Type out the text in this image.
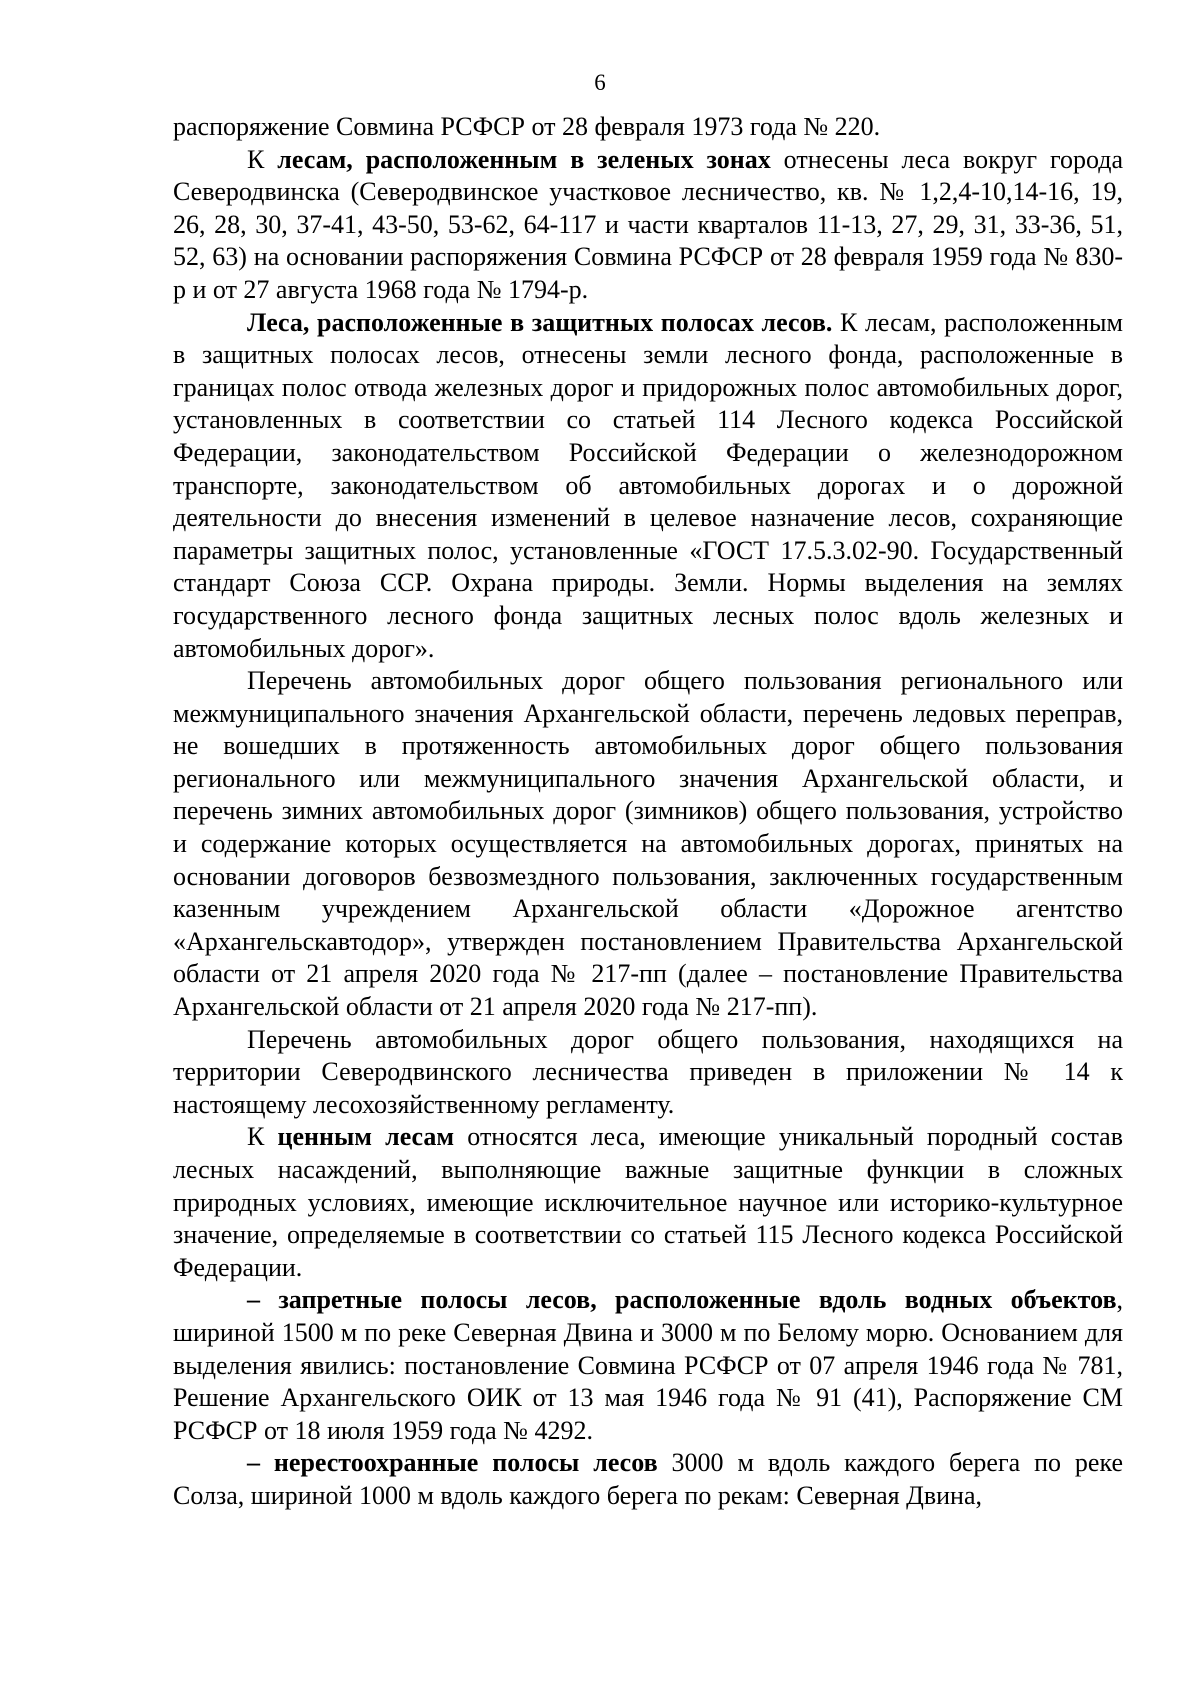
6

распоряжение Совмина РСФСР от 28 февраля 1973 года № 220.

К лесам, расположенным в зеленых зонах отнесены леса вокруг города Северодвинска (Северодвинское участковое лесничество, кв. № 1,2,4-10,14-16, 19, 26, 28, 30, 37-41, 43-50, 53-62, 64-117 и части кварталов 11-13, 27, 29, 31, 33-36, 51, 52, 63) на основании распоряжения Совмина РСФСР от 28 февраля 1959 года № 830-р и от 27 августа 1968 года № 1794-р.

Леса, расположенные в защитных полосах лесов. К лесам, расположенным в защитных полосах лесов, отнесены земли лесного фонда, расположенные в границах полос отвода железных дорог и придорожных полос автомобильных дорог, установленных в соответствии со статьей 114 Лесного кодекса Российской Федерации, законодательством Российской Федерации о железнодорожном транспорте, законодательством об автомобильных дорогах и о дорожной деятельности до внесения изменений в целевое назначение лесов, сохраняющие параметры защитных полос, установленные «ГОСТ 17.5.3.02-90. Государственный стандарт Союза ССР. Охрана природы. Земли. Нормы выделения на землях государственного лесного фонда защитных лесных полос вдоль железных и автомобильных дорог».

Перечень автомобильных дорог общего пользования регионального или межмуниципального значения Архангельской области, перечень ледовых переправ, не вошедших в протяженность автомобильных дорог общего пользования регионального или межмуниципального значения Архангельской области, и перечень зимних автомобильных дорог (зимников) общего пользования, устройство и содержание которых осуществляется на автомобильных дорогах, принятых на основании договоров безвозмездного пользования, заключенных государственным казенным учреждением Архангельской области «Дорожное агентство «Архангельскавтодор», утвержден постановлением Правительства Архангельской области от 21 апреля 2020 года № 217-пп (далее – постановление Правительства Архангельской области от 21 апреля 2020 года № 217-пп).

Перечень автомобильных дорог общего пользования, находящихся на территории Северодвинского лесничества приведен в приложении № 14 к настоящему лесохозяйственному регламенту.

К ценным лесам относятся леса, имеющие уникальный породный состав лесных насаждений, выполняющие важные защитные функции в сложных природных условиях, имеющие исключительное научное или историко-культурное значение, определяемые в соответствии со статьей 115 Лесного кодекса Российской Федерации.

– запретные полосы лесов, расположенные вдоль водных объектов, шириной 1500 м по реке Северная Двина и 3000 м по Белому морю. Основанием для выделения явились: постановление Совмина РСФСР от 07 апреля 1946 года № 781, Решение Архангельского ОИК от 13 мая 1946 года № 91 (41), Распоряжение СМ РСФСР от 18 июля 1959 года № 4292.

– нерестоохранные полосы лесов 3000 м вдоль каждого берега по реке Солза, шириной 1000 м вдоль каждого берега по рекам: Северная Двина,
